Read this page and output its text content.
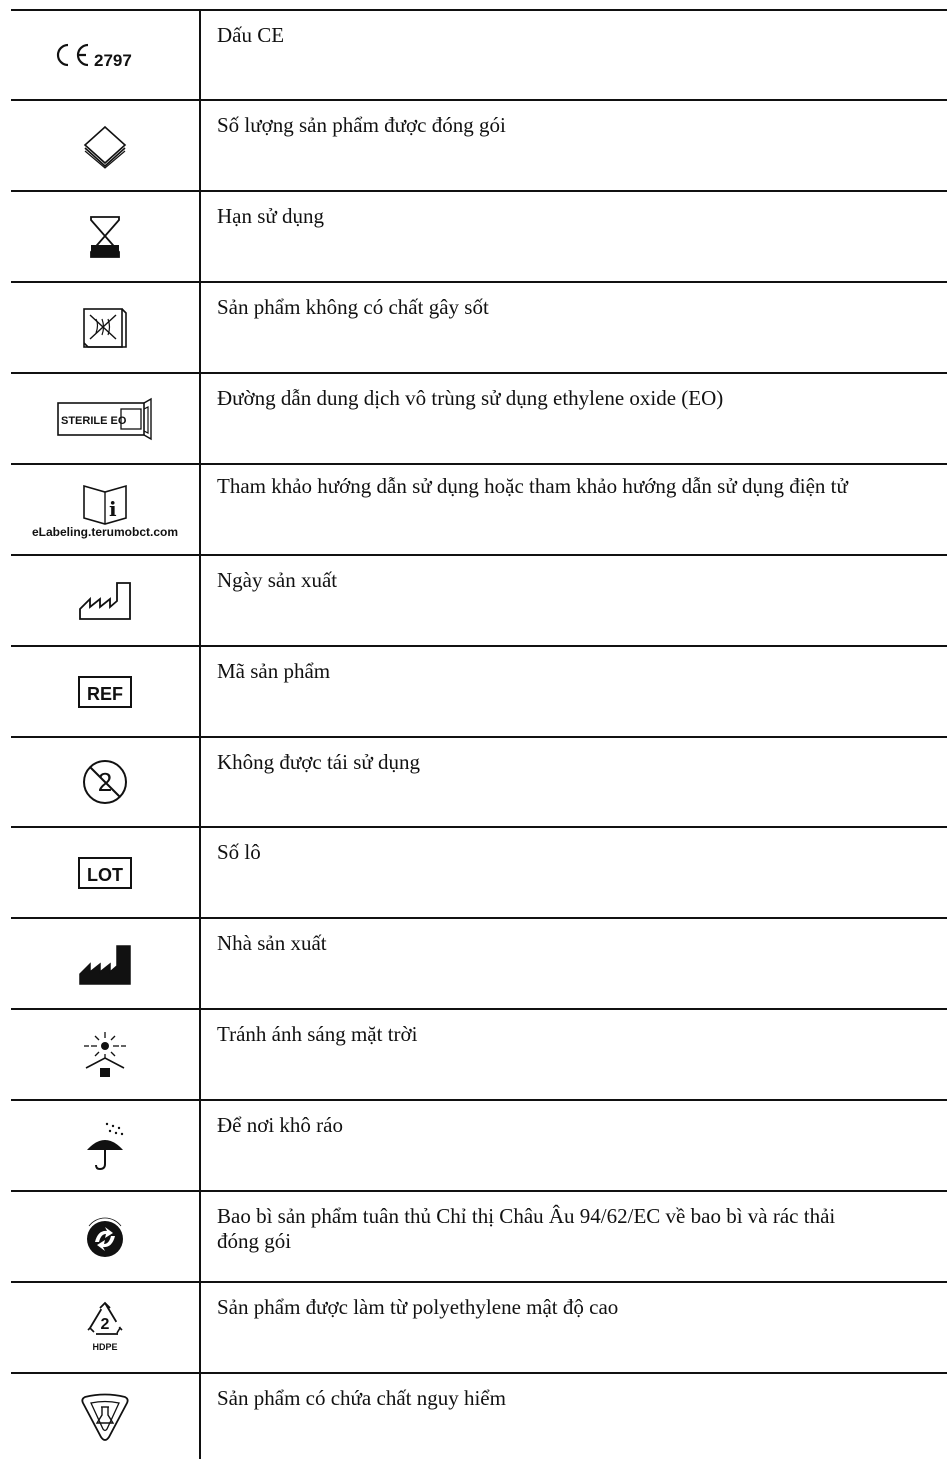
2797
Dấu CE
Số lượng sản phẩm được đóng gói
Hạn sử dụng
Sản phẩm không có chất gây sốt
STERILE EO
Đường dẫn dung dịch vô trùng sử dụng ethylene oxide (EO)
i
eLabeling.terumobct.com
Tham khảo hướng dẫn sử dụng hoặc tham khảo hướng dẫn sử dụng điện tử
Ngày sản xuất
REF
Mã sản phẩm
2
Không được tái sử dụng
LOT
Số lô
Nhà sản xuất
Tránh ánh sáng mặt trời
Để nơi khô ráo
Bao bì sản phẩm tuân thủ Chỉ thị Châu Âu 94/62/EC về bao bì và rác thải đóng gói
2
HDPE
Sản phẩm được làm từ polyethylene mật độ cao
Sản phẩm có chứa chất nguy hiểm
